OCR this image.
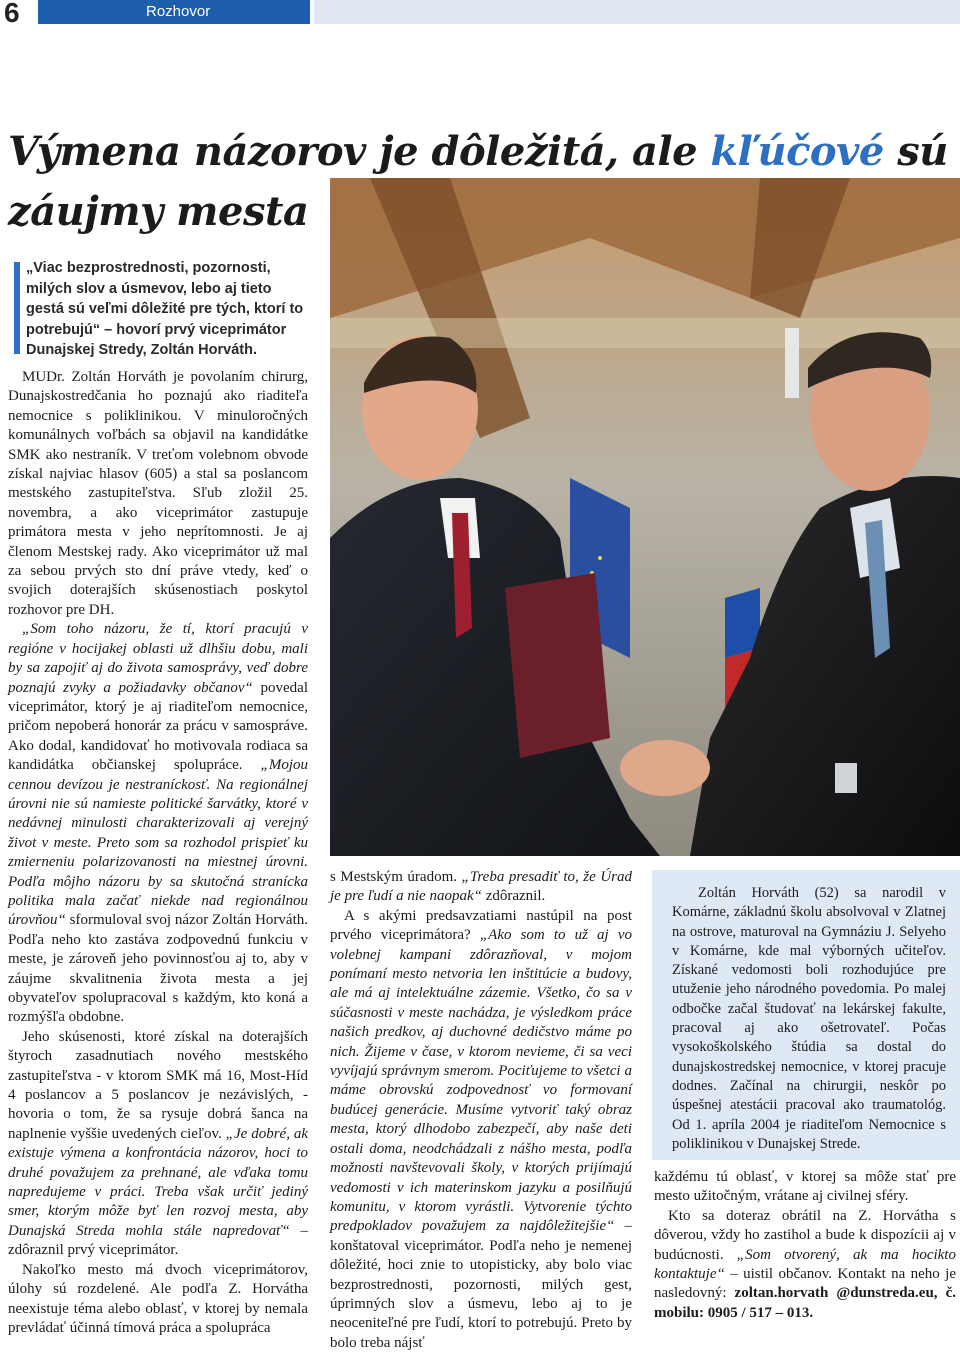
Rozhovor
6
Výmena názorov je dôležitá, ale kľúčové sú záujmy mesta
„Viac bezprostrednosti, pozornosti, milých slov a úsmevov, lebo aj tieto gestá sú veľmi dôležité pre tých, ktorí to potrebujú“ – hovorí prvý viceprimátor Dunajskej Stredy, Zoltán Horváth.

MUDr. Zoltán Horváth je povolaním chirurg, Dunajskostredčania ho poznajú ako riaditeľa nemocnice s poliklinikou. V minuloročných komunálnych voľbách sa objavil na kandidátke SMK ako nestraník. V treťom volebnom obvode získal najviac hlasov (605) a stal sa poslancom mestského zastupiteľstva. Sľub zložil 25. novembra, a ako viceprimátor zastupuje primátora mesta v jeho neprítomnosti. Je aj členom Mestskej rady. Ako viceprimátor už mal za sebou prvých sto dní práve vtedy, keď o svojich doterajších skúsenostiach poskytol rozhovor pre DH.

„Som toho názoru, že tí, ktorí pracujú v regióne v hocijakej oblasti už dlhšiu dobu, mali by sa zapojiť aj do života samosprávy, veď dobre poznajú zvyky a požiadavky občanov“ povedal viceprimátor, ktorý je aj riaditeľom nemocnice, pričom nepoberá honorár za prácu v samospráve. Ako dodal, kandidovať ho motivovala rodiaca sa kandidátka občianskej spolupráce. „Mojou cennou devízou je nestraníckosť. Na regionálnej úrovni nie sú namieste politické šarvátky, ktoré v nedávnej minulosti charakterizovali aj verejný život v meste. Preto som sa rozhodol prispieť ku zmierneniu polarizovanosti na miestnej úrovni. Podľa môjho názoru by sa skutočná stranícka politika mala začať niekde nad regionálnou úrovňou“ sformuloval svoj názor Zoltán Horváth. Podľa neho kto zastáva zodpovednú funkciu v meste, je zároveň jeho povinnosťou aj to, aby v záujme skvalitnenia života mesta a jej obyvateľov spolupracoval s každým, kto koná a rozmýšľa obdobne.

Jeho skúsenosti, ktoré získal na doterajších štyroch zasadnutiach nového mestského zastupiteľstva - v ktorom SMK má 16, Most-Híd 4 poslancov a 5 poslancov je nezávislých, - hovoria o tom, že sa rysuje dobrá šanca na naplnenie vyššie uvedených cieľov. „Je dobré, ak existuje výmena a konfrontácia názorov, hoci to druhé považujem za prehnané, ale vďaka tomu napredujeme v práci. Treba však určiť jediný smer, ktorým môže byť len rozvoj mesta, aby Dunajská Streda mohla stále napredovať“ – zdôraznil prvý viceprimátor.

Nakoľko mesto má dvoch viceprimátorov, úlohy sú rozdelené. Ale podľa Z. Horvátha neexistuje téma alebo oblasť, v ktorej by nemala prevládať účinná tímová práca a spolupráca

s Mestským úradom. „Treba presadiť to, že Úrad je pre ľudí a nie naopak“ zdôraznil.

A s akými predsavzatiami nastúpil na post prvého viceprimátora? „Ako som to už aj vo volebnej kampani zdôrazňoval, v mojom ponímaní mesto netvoria len inštitúcie a budovy, ale má aj intelektuálne zázemie. Všetko, čo sa v súčasnosti v meste nachádza, je výsledkom práce našich predkov, aj duchovné dedičstvo máme po nich. Žijeme v čase, v ktorom nevieme, či sa veci vyvíjajú správnym smerom. Pociťujeme to všetci a máme obrovskú zodpovednosť vo formovaní budúcej generácie. Musíme vytvoriť taký obraz mesta, ktorý dlhodobo zabezpečí, aby naše deti ostali doma, neodchádzali z nášho mesta, podľa možnosti navštevovali školy, v ktorých prijímajú vedomosti v ich materinskom jazyku a posilňujú komunitu, v ktorom vyrástli. Vytvorenie týchto predpokladov považujem za najdôležitejšie“ – konštatoval viceprimátor. Podľa neho je nemenej dôležité, hoci znie to utopisticky, aby bolo viac bezprostrednosti, pozornosti, milých gest, úprimných slov a úsmevu, lebo aj to je neoceniteľné pre ľudí, ktorí to potrebujú. Preto by bolo treba nájsť

Zoltán Horváth (52) sa narodil v Komárne, základnú školu absolvoval v Zlatnej na ostrove, maturoval na Gymnáziu J. Selyeho v Komárne, kde mal výborných učiteľov. Získané vedomosti boli rozhodujúce pre utuženie jeho národného povedomia. Po malej odbočke začal študovať na lekárskej fakulte, pracoval aj ako ošetrovateľ. Počas vysokoškolského štúdia sa dostal do dunajskostredskej nemocnice, v ktorej pracuje dodnes. Začínal na chirurgii, neskôr po úspešnej atestácii pracoval ako traumatológ. Od 1. apríla 2004 je riaditeľom Nemocnice s poliklinikou v Dunajskej Strede.

každému tú oblasť, v ktorej sa môže stať pre mesto užitočným, vrátane aj civilnej sféry.

Kto sa doteraz obrátil na Z. Horvátha s dôverou, vždy ho zastihol a bude k dispozícii aj v budúcnosti. „Som otvorený, ak ma hocikto kontaktuje“ – uistil občanov. Kontakt na neho je nasledovný: zoltan.horvath @dunstreda.eu, č. mobilu: 0905 / 517 – 013.
